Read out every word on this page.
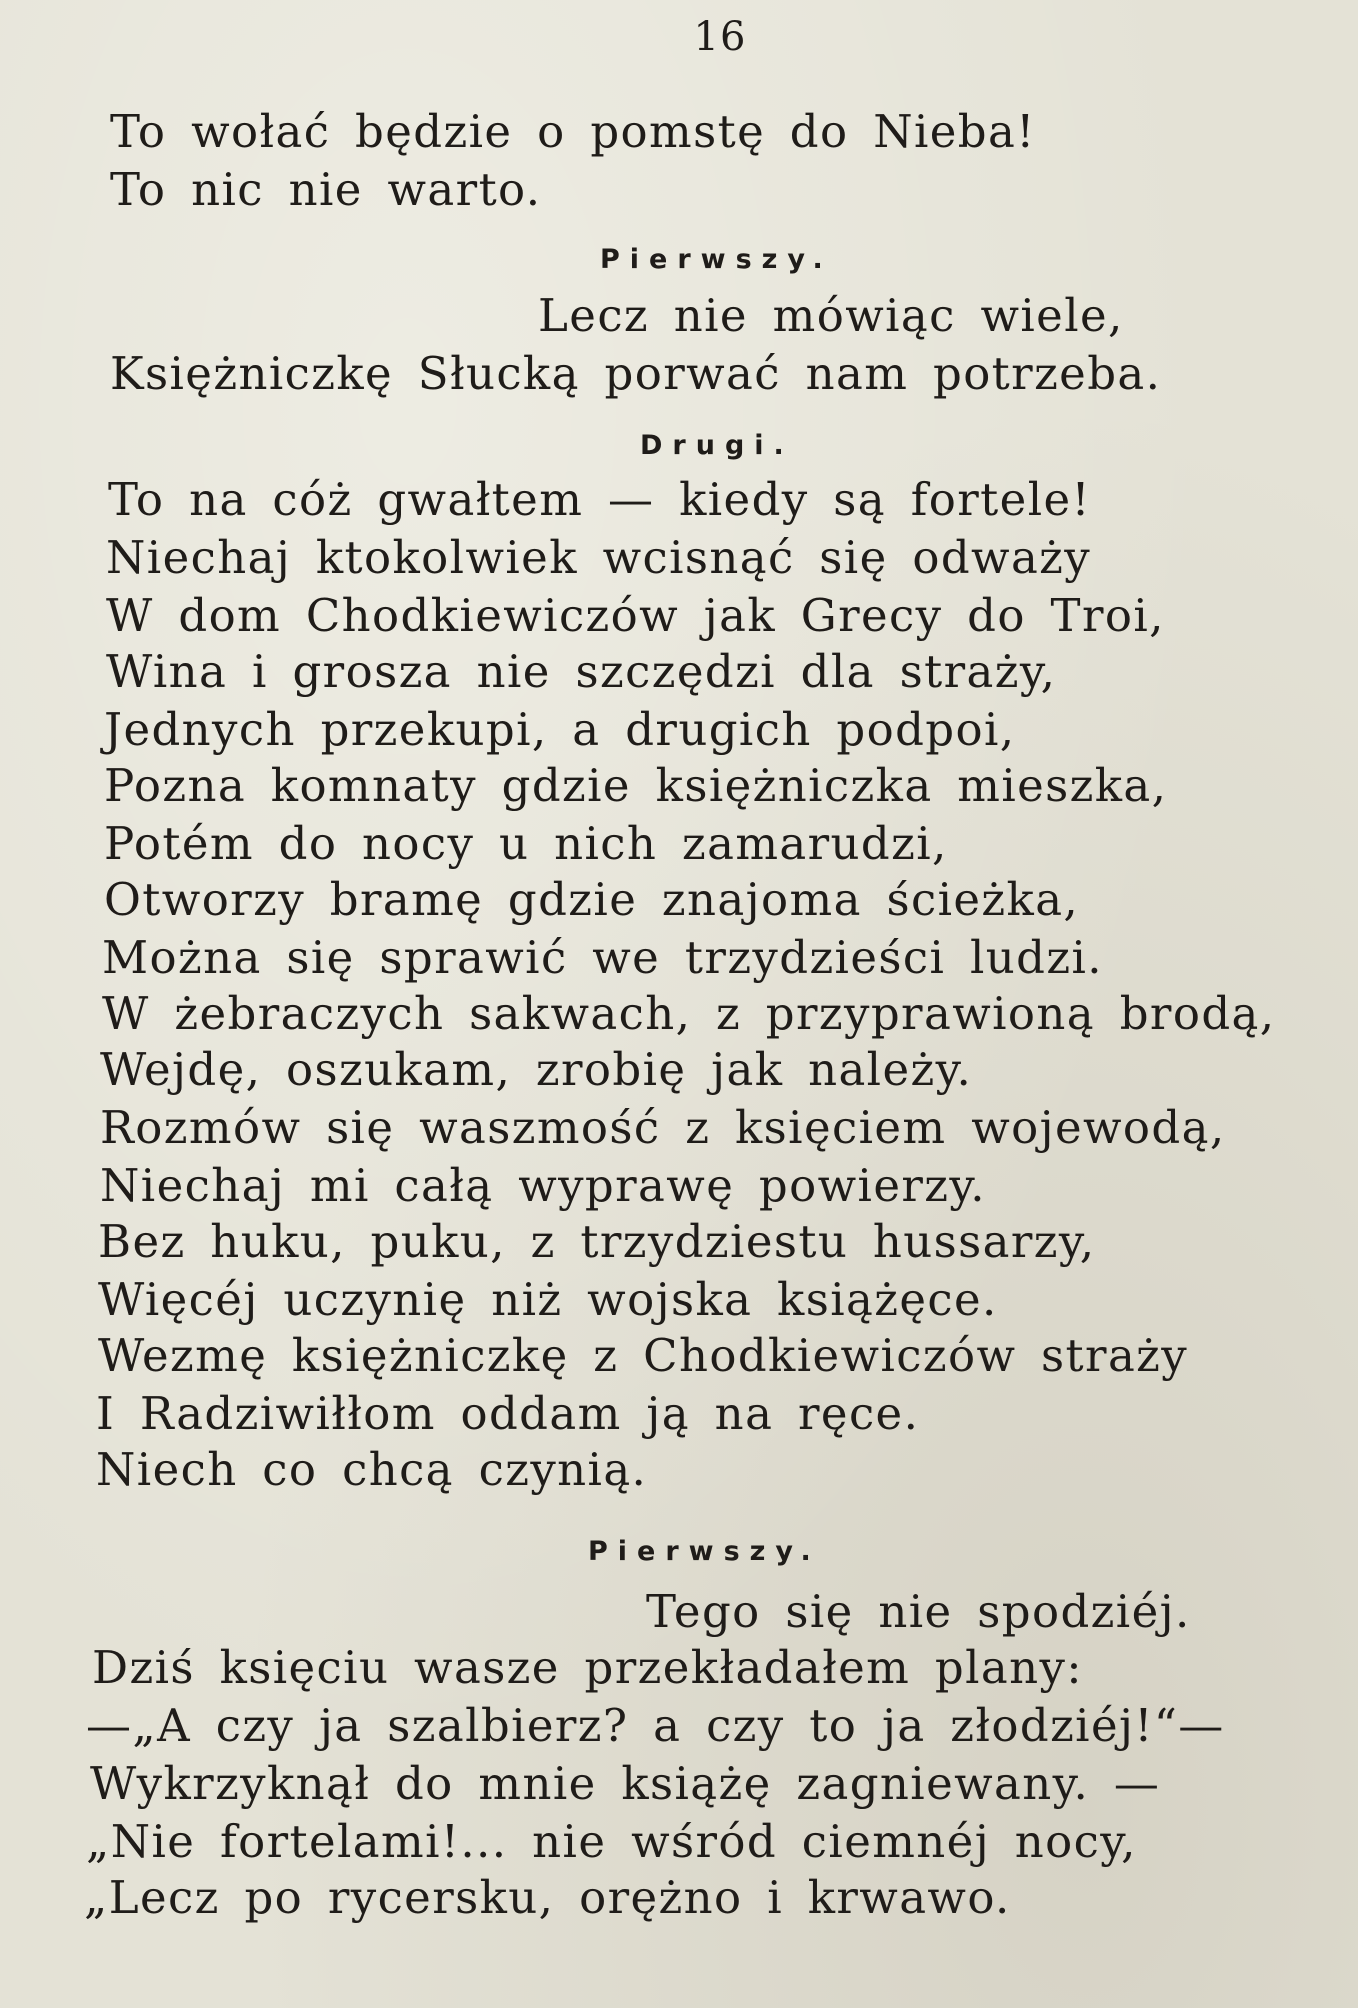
16
To wołać będzie o pomstę do Nieba!
To nic nie warto.
Pierwszy.
Lecz nie mówiąc wiele,
Księżniczkę Słucką porwać nam potrzeba.
Drugi.
To na cóż gwałtem — kiedy są fortele!
Niechaj ktokolwiek wcisnąć się odważy
W dom Chodkiewiczów jak Grecy do Troi,
Wina i grosza nie szczędzi dla straży,
Jednych przekupi, a drugich podpoi,
Pozna komnaty gdzie księżniczka mieszka,
Potém do nocy u nich zamarudzi,
Otworzy bramę gdzie znajoma ścieżka,
Można się sprawić we trzydzieści ludzi.
W żebraczych sakwach, z przyprawioną brodą,
Wejdę, oszukam, zrobię jak należy.
Rozmów się waszmość z księciem wojewodą,
Niechaj mi całą wyprawę powierzy.
Bez huku, puku, z trzydziestu hussarzy,
Więcéj uczynię niż wojska książęce.
Wezmę księżniczkę z Chodkiewiczów straży
I Radziwiłłom oddam ją na ręce.
Niech co chcą czynią.
Pierwszy.
Tego się nie spodziéj.
Dziś księciu wasze przekładałem plany:
—„A czy ja szalbierz? a czy to ja złodziéj!“—
Wykrzyknął do mnie książę zagniewany. —
„Nie fortelami!... nie wśród ciemnéj nocy,
„Lecz po rycersku, orężno i krwawo.
